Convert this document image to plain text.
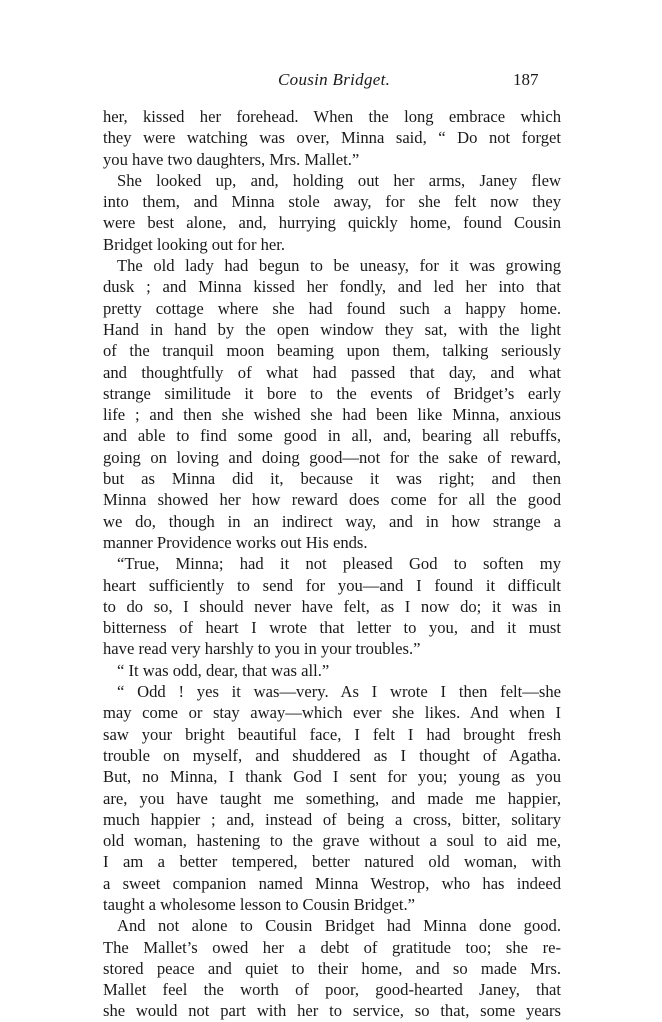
Cousin Bridget.	187
her, kissed her forehead. When the long embrace which
they were watching was over, Minna said, “ Do not forget
you have two daughters, Mrs. Mallet.”
She looked up, and, holding out her arms, Janey flew
into them, and Minna stole away, for she felt now they
were best alone, and, hurrying quickly home, found Cousin
Bridget looking out for her.
The old lady had begun to be uneasy, for it was growing
dusk ; and Minna kissed her fondly, and led her into that
pretty cottage where she had found such a happy home.
Hand in hand by the open window they sat, with the light
of the tranquil moon beaming upon them, talking seriously
and thoughtfully of what had passed that day, and what
strange similitude it bore to the events of Bridget’s early
life ; and then she wished she had been like Minna, anxious
and able to find some good in all, and, bearing all rebuffs,
going on loving and doing good—not for the sake of reward,
but as Minna did it, because it was right; and then
Minna showed her how reward does come for all the good
we do, though in an indirect way, and in how strange a
manner Providence works out His ends.
“True, Minna; had it not pleased God to soften my
heart sufficiently to send for you—and I found it difficult
to do so, I should never have felt, as I now do; it was in
bitterness of heart I wrote that letter to you, and it must
have read very harshly to you in your troubles.”
“ It was odd, dear, that was all.”
“ Odd ! yes it was—very. As I wrote I then felt—she
may come or stay away—which ever she likes. And when I
saw your bright beautiful face, I felt I had brought fresh
trouble on myself, and shuddered as I thought of Agatha.
But, no Minna, I thank God I sent for you; young as you
are, you have taught me something, and made me happier,
much happier ; and, instead of being a cross, bitter, solitary
old woman, hastening to the grave without a soul to aid me,
I am a better tempered, better natured old woman, with
a sweet companion named Minna Westrop, who has indeed
taught a wholesome lesson to Cousin Bridget.”
And not alone to Cousin Bridget had Minna done good.
The Mallet’s owed her a debt of gratitude too; she re-
stored peace and quiet to their home, and so made Mrs.
Mallet feel the worth of poor, good-hearted Janey, that
she would not part with her to service, so that, some years
